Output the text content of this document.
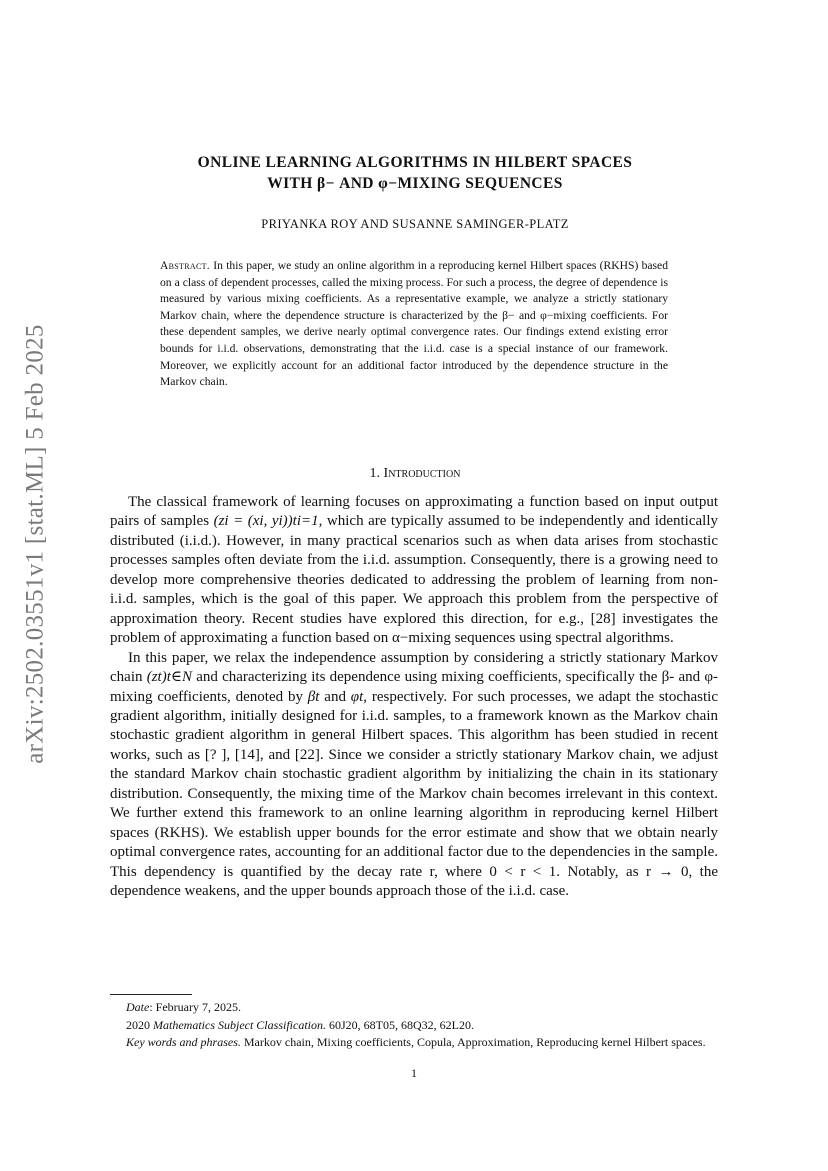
arXiv:2502.03551v1 [stat.ML] 5 Feb 2025
ONLINE LEARNING ALGORITHMS IN HILBERT SPACES
WITH β− AND φ−MIXING SEQUENCES
PRIYANKA ROY AND SUSANNE SAMINGER-PLATZ
Abstract. In this paper, we study an online algorithm in a reproducing kernel Hilbert spaces (RKHS) based on a class of dependent processes, called the mixing process. For such a process, the degree of dependence is measured by various mixing coefficients. As a representative example, we analyze a strictly stationary Markov chain, where the dependence structure is characterized by the β− and φ−mixing coefficients. For these dependent samples, we derive nearly optimal convergence rates. Our findings extend existing error bounds for i.i.d. observations, demonstrating that the i.i.d. case is a special instance of our framework. Moreover, we explicitly account for an additional factor introduced by the dependence structure in the Markov chain.
1. Introduction

The classical framework of learning focuses on approximating a function based on input output pairs of samples (zi = (xi, yi))ti=1, which are typically assumed to be independently and identically distributed (i.i.d.). However, in many practical scenarios such as when data arises from stochastic processes samples often deviate from the i.i.d. assumption. Consequently, there is a growing need to develop more comprehensive theories dedicated to addressing the problem of learning from non-i.i.d. samples, which is the goal of this paper. We approach this problem from the perspective of approximation theory. Recent studies have explored this direction, for e.g., [28] investigates the problem of approximating a function based on α−mixing sequences using spectral algorithms.

In this paper, we relax the independence assumption by considering a strictly stationary Markov chain (zt)t∈N and characterizing its dependence using mixing coefficients, specifically the β- and φ-mixing coefficients, denoted by βt and φt, respectively. For such processes, we adapt the stochastic gradient algorithm, initially designed for i.i.d. samples, to a framework known as the Markov chain stochastic gradient algorithm in general Hilbert spaces. This algorithm has been studied in recent works, such as [? ], [14], and [22]. Since we consider a strictly stationary Markov chain, we adjust the standard Markov chain stochastic gradient algorithm by initializing the chain in its stationary distribution. Consequently, the mixing time of the Markov chain becomes irrelevant in this context. We further extend this framework to an online learning algorithm in reproducing kernel Hilbert spaces (RKHS). We establish upper bounds for the error estimate and show that we obtain nearly optimal convergence rates, accounting for an additional factor due to the dependencies in the sample. This dependency is quantified by the decay rate r, where 0 < r < 1. Notably, as r → 0, the dependence weakens, and the upper bounds approach those of the i.i.d. case.

Date: February 7, 2025.

2020 Mathematics Subject Classification. 60J20, 68T05, 68Q32, 62L20.

Key words and phrases. Markov chain, Mixing coefficients, Copula, Approximation, Reproducing kernel Hilbert spaces.

1
